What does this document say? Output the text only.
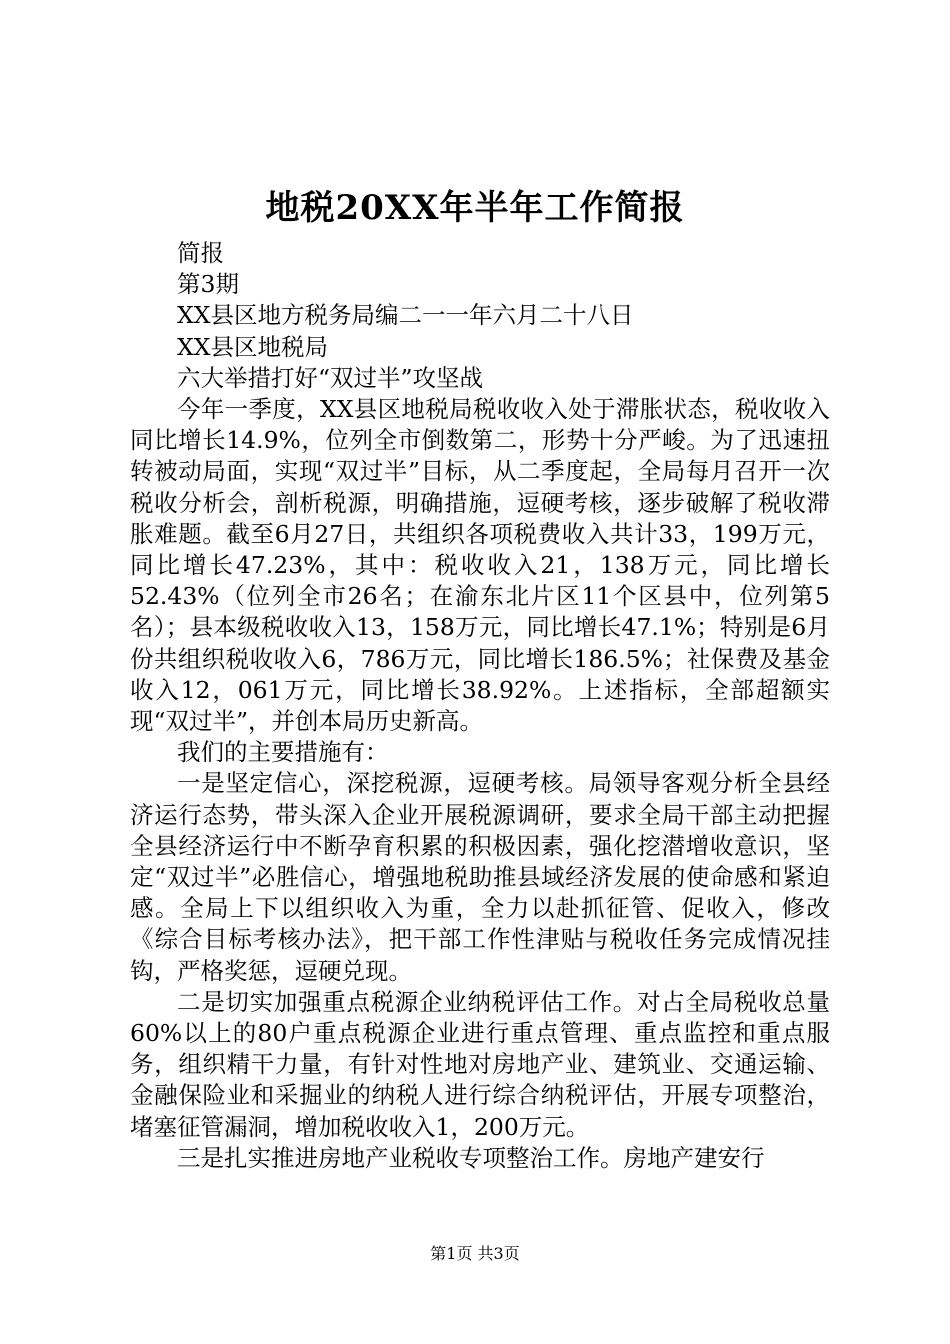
地税20XX年半年工作简报

简报

第3期

XX县区地方税务局编二一一年六月二十八日

XX县区地税局

六大举措打好“双过半”攻坚战

今年一季度，XX县区地税局税收收入处于滞胀状态，税收收入同比增长14.9%，位列全市倒数第二，形势十分严峻。为了迅速扭转被动局面，实现“双过半”目标，从二季度起，全局每月召开一次税收分析会，剖析税源，明确措施，逗硬考核，逐步破解了税收滞胀难题。截至6月27日，共组织各项税费收入共计33，199万元，同比增长47.23%，其中：税收收入21，138万元，同比增长52.43%（位列全市26名；在渝东北片区11个区县中，位列第5名）；县本级税收收入13，158万元，同比增长47.1%；特别是6月份共组织税收收入6，786万元，同比增长186.5%；社保费及基金收入12，061万元，同比增长38.92%。上述指标，全部超额实现“双过半”，并创本局历史新高。

我们的主要措施有：

一是坚定信心，深挖税源，逗硬考核。局领导客观分析全县经济运行态势，带头深入企业开展税源调研，要求全局干部主动把握全县经济运行中不断孕育积累的积极因素，强化挖潜增收意识，坚定“双过半”必胜信心，增强地税助推县域经济发展的使命感和紧迫感。全局上下以组织收入为重，全力以赴抓征管、促收入，修改《综合目标考核办法》，把干部工作性津贴与税收任务完成情况挂钩，严格奖惩，逗硬兑现。

二是切实加强重点税源企业纳税评估工作。对占全局税收总量60%以上的80户重点税源企业进行重点管理、重点监控和重点服务，组织精干力量，有针对性地对房地产业、建筑业、交通运输、金融保险业和采掘业的纳税人进行综合纳税评估，开展专项整治，堵塞征管漏洞，增加税收收入1，200万元。

三是扎实推进房地产业税收专项整治工作。房地产建安行

第1页 共3页
